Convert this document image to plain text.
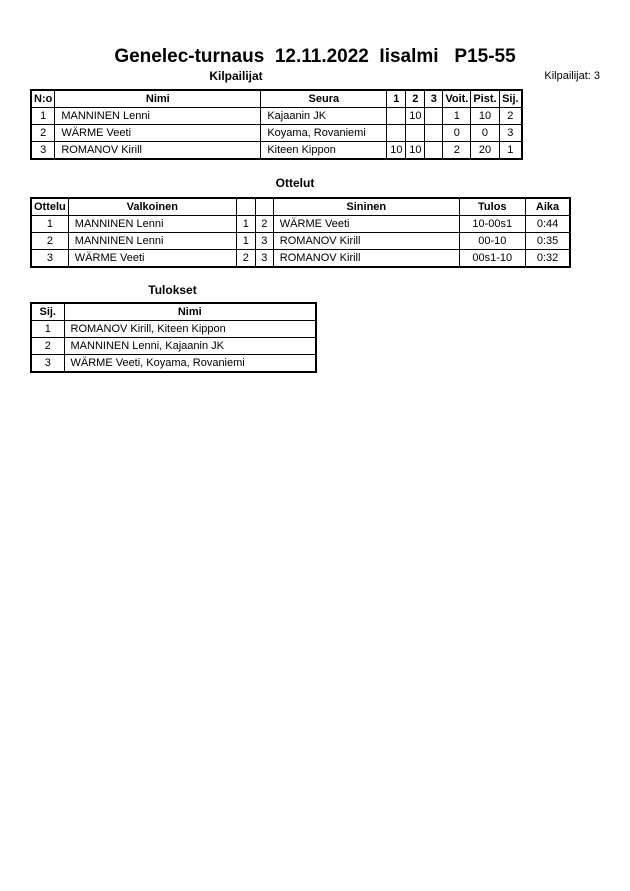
Genelec-turnaus  12.11.2022  Iisalmi   P15-55
Kilpailijat	Kilpailijat: 3
N:o	Nimi	Seura	1	2	3	Voit.	Pist.	Sij.
1	MANNINEN Lenni	Kajaanin JK		10		1	10	2
2	WÄRME Veeti	Koyama, Rovaniemi				0	0	3
3	ROMANOV Kirill	Kiteen Kippon	10	10		2	20	1
Ottelut
Ottelu	Valkoinen			Sininen	Tulos	Aika
1	MANNINEN Lenni	1	2	WÄRME Veeti	10-00s1	0:44
2	MANNINEN Lenni	1	3	ROMANOV Kirill	00-10	0:35
3	WÄRME Veeti	2	3	ROMANOV Kirill	00s1-10	0:32
Tulokset
Sij.	Nimi
1	ROMANOV Kirill, Kiteen Kippon
2	MANNINEN Lenni, Kajaanin JK
3	WÄRME Veeti, Koyama, Rovaniemi
